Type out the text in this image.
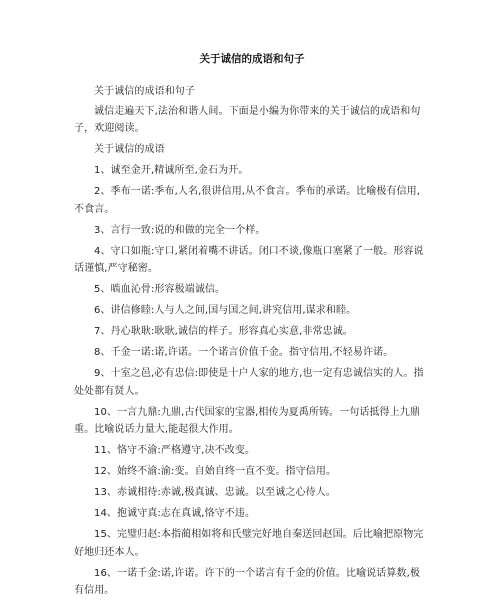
关于诚信的成语和句子
关于诚信的成语和句子
诚信走遍天下,法治和谐人间。下面是小编为你带来的关于诚信的成语和句子，欢迎阅读。
关于诚信的成语
1、诚至金开,精诚所至,金石为开。
2、季布一诺:季布,人名,很讲信用,从不食言。季布的承诺。比喻极有信用,不食言。
3、言行一致:说的和做的完全一个样。
4、守口如瓶:守口,紧闭着嘴不讲话。闭口不谈,像瓶口塞紧了一般。形容说话谨慎,严守秘密。
5、啮血沁骨:形容极端诚信。
6、讲信修睦:人与人之间,国与国之间,讲究信用,谋求和睦。
7、丹心耿耿:耿耿,诚信的样子。形容真心实意,非常忠诚。
8、千金一诺:诺,许诺。一个诺言价值千金。指守信用,不轻易许诺。
9、十室之邑,必有忠信:即使是十户人家的地方,也一定有忠诚信实的人。指处处都有贤人。
10、一言九鼎:九鼎,古代国家的宝器,相传为夏禹所铸。一句话抵得上九鼎重。比喻说话力量大,能起很大作用。
11、恪守不渝:严格遵守,决不改变。
12、始终不渝:渝:变。自始自终一直不变。指守信用。
13、赤诚相待:赤诚,极真诚、忠诚。以至诚之心待人。
14、抱诚守真:志在真诚,恪守不违。
15、完璧归赵:本指蔺相如将和氏璧完好地自秦送回赵国。后比喻把原物完好地归还本人。
16、一诺千金:诺,许诺。许下的一个诺言有千金的价值。比喻说话算数,极有信用。
